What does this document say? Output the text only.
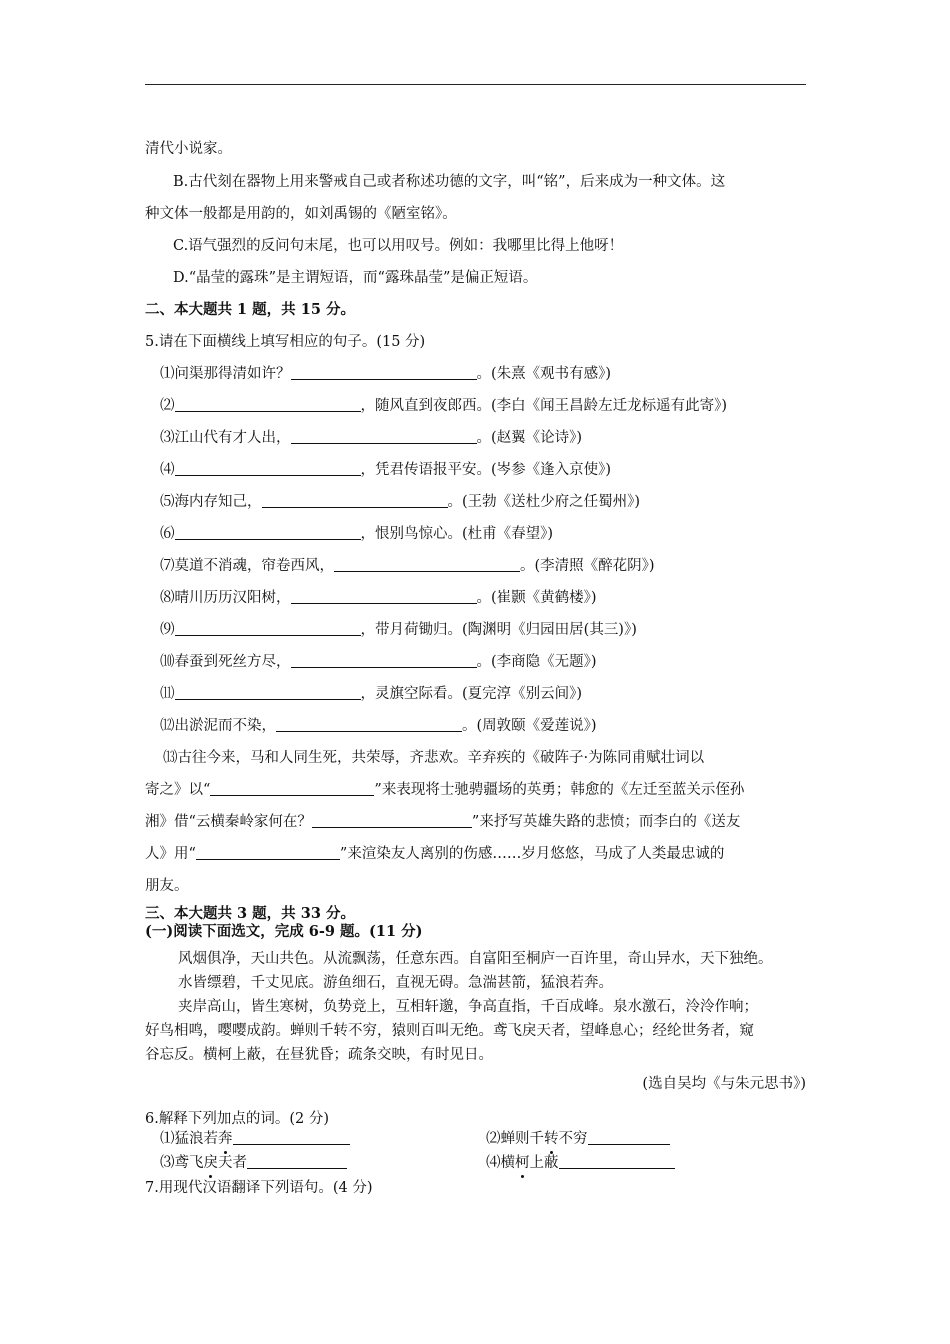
清代小说家。
B.古代刻在器物上用来警戒自己或者称述功德的文字，叫“铭”，后来成为一种文体。这
种文体一般都是用韵的，如刘禹锡的《陋室铭》。
C.语气强烈的反问句末尾，也可以用叹号。例如：我哪里比得上他呀！
D.“晶莹的露珠”是主谓短语，而“露珠晶莹”是偏正短语。
二、本大题共 1 题，共 15 分。
5.请在下面横线上填写相应的句子。(15 分)
⑴问渠那得清如许？	。(朱熹《观书有感》)
⑵	，随风直到夜郎西。(李白《闻王昌龄左迁龙标遥有此寄》)
⑶江山代有才人出，	。(赵翼《论诗》)
⑷	，凭君传语报平安。(岑参《逢入京使》)
⑸海内存知己，	。(王勃《送杜少府之任蜀州》)
⑹	，恨别鸟惊心。(杜甫《春望》)
⑺莫道不消魂，帘卷西风，	。(李清照《醉花阴》)
⑻晴川历历汉阳树，	。(崔颢《黄鹤楼》)
⑼	，带月荷锄归。(陶渊明《归园田居(其三)》)
⑽春蚕到死丝方尽，	。(李商隐《无题》)
⑾	，灵旗空际看。(夏完淳《别云间》)
⑿出淤泥而不染，	。(周敦颐《爱莲说》)
⒀古往今来，马和人同生死，共荣辱，齐悲欢。辛弃疾的《破阵子·为陈同甫赋壮词以
寄之》以“	”来表现将士驰骋疆场的英勇；韩愈的《左迁至蓝关示侄孙
湘》借“云横秦岭家何在？	”来抒写英雄失路的悲愤；而李白的《送友
人》用“	”来渲染友人离别的伤感……岁月悠悠，马成了人类最忠诚的
朋友。
三、本大题共 3 题，共 33 分。
(一)阅读下面选文，完成 6-9 题。(11 分)
风烟俱净，天山共色。从流飘荡，任意东西。自富阳至桐庐一百许里，奇山异水，天下独绝。
水皆缥碧，千丈见底。游鱼细石，直视无碍。急湍甚箭，猛浪若奔。
夹岸高山，皆生寒树，负势竞上，互相轩邈，争高直指，千百成峰。泉水激石，泠泠作响；
好鸟相鸣，嘤嘤成韵。蝉则千转不穷，猿则百叫无绝。鸢飞戾天者，望峰息心；经纶世务者，窥
谷忘反。横柯上蔽，在昼犹昏；疏条交映，有时见日。
(选自吴均《与朱元思书》)
6.解释下列加点的词。(2 分)
⑴猛浪若奔	⑵蝉则千转不穷
⑶鸢飞戾天者	⑷横柯上蔽
7.用现代汉语翻译下列语句。(4 分)
